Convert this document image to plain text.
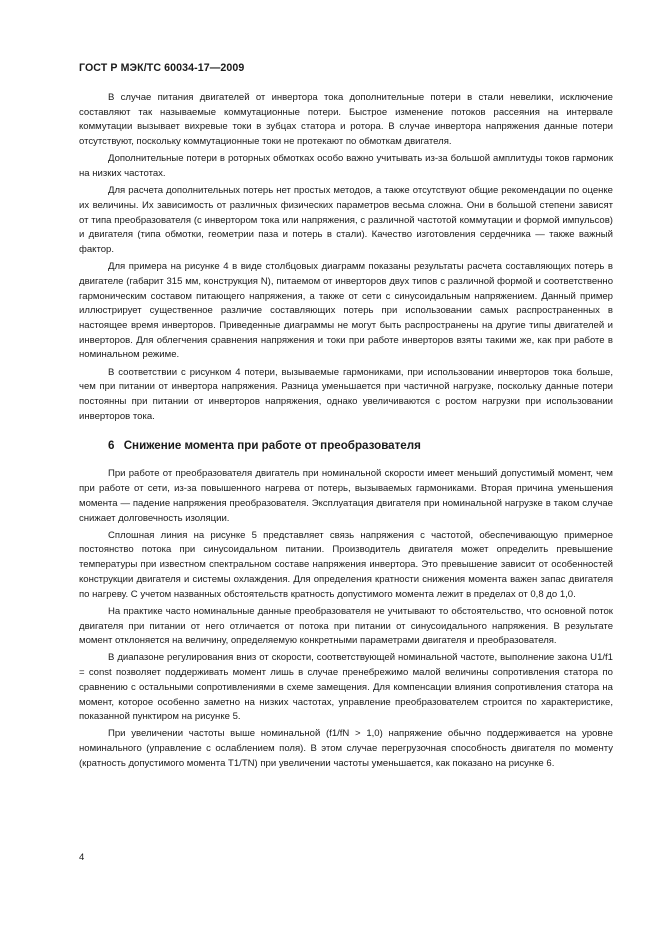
ГОСТ Р МЭК/ТС 60034-17—2009

В случае питания двигателей от инвертора тока дополнительные потери в стали невелики, исключение составляют так называемые коммутационные потери. Быстрое изменение потоков рассеяния на интервале коммутации вызывает вихревые токи в зубцах статора и ротора. В случае инвертора напряжения данные потери отсутствуют, поскольку коммутационные токи не протекают по обмоткам двигателя.

Дополнительные потери в роторных обмотках особо важно учитывать из-за большой амплитуды токов гармоник на низких частотах.

Для расчета дополнительных потерь нет простых методов, а также отсутствуют общие рекомендации по оценке их величины. Их зависимость от различных физических параметров весьма сложна. Они в большой степени зависят от типа преобразователя (с инвертором тока или напряжения, с различной частотой коммутации и формой импульсов) и двигателя (типа обмотки, геометрии паза и потерь в стали). Качество изготовления сердечника — также важный фактор.

Для примера на рисунке 4 в виде столбцовых диаграмм показаны результаты расчета составляющих потерь в двигателе (габарит 315 мм, конструкция N), питаемом от инверторов двух типов с различной формой и соответственно гармоническим составом питающего напряжения, а также от сети с синусоидальным напряжением. Данный пример иллюстрирует существенное различие составляющих потерь при использовании самых распространенных в настоящее время инверторов. Приведенные диаграммы не могут быть распространены на другие типы двигателей и инверторов. Для облегчения сравнения напряжения и токи при работе инверторов взяты такими же, как при работе в номинальном режиме.

В соответствии с рисунком 4 потери, вызываемые гармониками, при использовании инверторов тока больше, чем при питании от инвертора напряжения. Разница уменьшается при частичной нагрузке, поскольку данные потери постоянны при питании от инверторов напряжения, однако увеличиваются с ростом нагрузки при использовании инверторов тока.

6 Снижение момента при работе от преобразователя

При работе от преобразователя двигатель при номинальной скорости имеет меньший допустимый момент, чем при работе от сети, из-за повышенного нагрева от потерь, вызываемых гармониками. Вторая причина уменьшения момента — падение напряжения преобразователя. Эксплуатация двигателя при номинальной нагрузке в таком случае снижает долговечность изоляции.

Сплошная линия на рисунке 5 представляет связь напряжения с частотой, обеспечивающую примерное постоянство потока при синусоидальном питании. Производитель двигателя может определить превышение температуры при известном спектральном составе напряжения инвертора. Это превышение зависит от особенностей конструкции двигателя и системы охлаждения. Для определения кратности снижения момента важен запас двигателя по нагреву. С учетом названных обстоятельств кратность допустимого момента лежит в пределах от 0,8 до 1,0.

На практике часто номинальные данные преобразователя не учитывают то обстоятельство, что основной поток двигателя при питании от него отличается от потока при питании от синусоидального напряжения. В результате момент отклоняется на величину, определяемую конкретными параметрами двигателя и преобразователя.

В диапазоне регулирования вниз от скорости, соответствующей номинальной частоте, выполнение закона U1/f1 = const позволяет поддерживать момент лишь в случае пренебрежимо малой величины сопротивления статора по сравнению с остальными сопротивлениями в схеме замещения. Для компенсации влияния сопротивления статора на момент, которое особенно заметно на низких частотах, управление преобразователем строится по характеристике, показанной пунктиром на рисунке 5.

При увеличении частоты выше номинальной (f1/fN > 1,0) напряжение обычно поддерживается на уровне номинального (управление с ослаблением поля). В этом случае перегрузочная способность двигателя по моменту (кратность допустимого момента T1/TN) при увеличении частоты уменьшается, как показано на рисунке 6.

4
